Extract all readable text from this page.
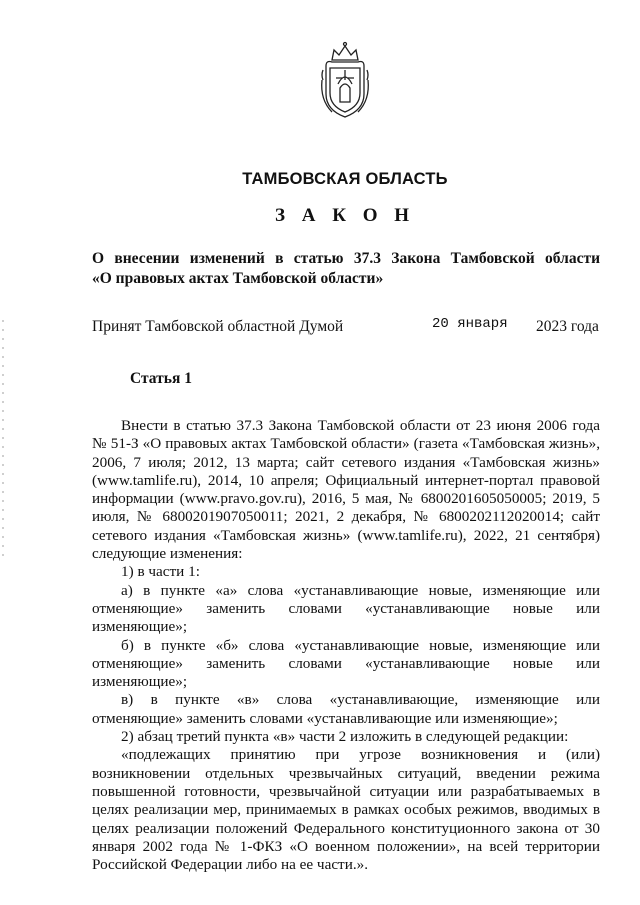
ТАМБОВСКАЯ ОБЛАСТЬ
З А К О Н
О внесении изменений в статью 37.3 Закона Тамбовской области
«О правовых актах Тамбовской области»
Принят Тамбовской областной Думой	20 января 2023 года
Статья 1
Внести в статью 37.3 Закона Тамбовской области от 23 июня 2006 года
№ 51-З «О правовых актах Тамбовской области» (газета «Тамбовская жизнь»,
2006, 7 июля; 2012, 13 марта; сайт сетевого издания «Тамбовская жизнь»
(www.tamlife.ru), 2014, 10 апреля; Официальный интернет-портал правовой
информации (www.pravo.gov.ru), 2016, 5 мая, № 6800201605050005; 2019, 5
июля, № 6800201907050011; 2021, 2 декабря, № 6800202112020014; сайт
сетевого издания «Тамбовская жизнь» (www.tamlife.ru), 2022, 21 сентября)
следующие изменения:
1) в части 1:
а) в пункте «а» слова «устанавливающие новые, изменяющие или
отменяющие» заменить словами «устанавливающие новые или
изменяющие»;
б) в пункте «б» слова «устанавливающие новые, изменяющие или
отменяющие» заменить словами «устанавливающие новые или
изменяющие»;
в) в пункте «в» слова «устанавливающие, изменяющие или
отменяющие» заменить словами «устанавливающие или изменяющие»;
2) абзац третий пункта «в» части 2 изложить в следующей редакции:
«подлежащих принятию при угрозе возникновения и (или)
возникновении отдельных чрезвычайных ситуаций, введении режима
повышенной готовности, чрезвычайной ситуации или разрабатываемых в
целях реализации мер, принимаемых в рамках особых режимов, вводимых в
целях реализации положений Федерального конституционного закона от 30
января 2002 года № 1-ФКЗ «О военном положении», на всей территории
Российской Федерации либо на ее части.».
